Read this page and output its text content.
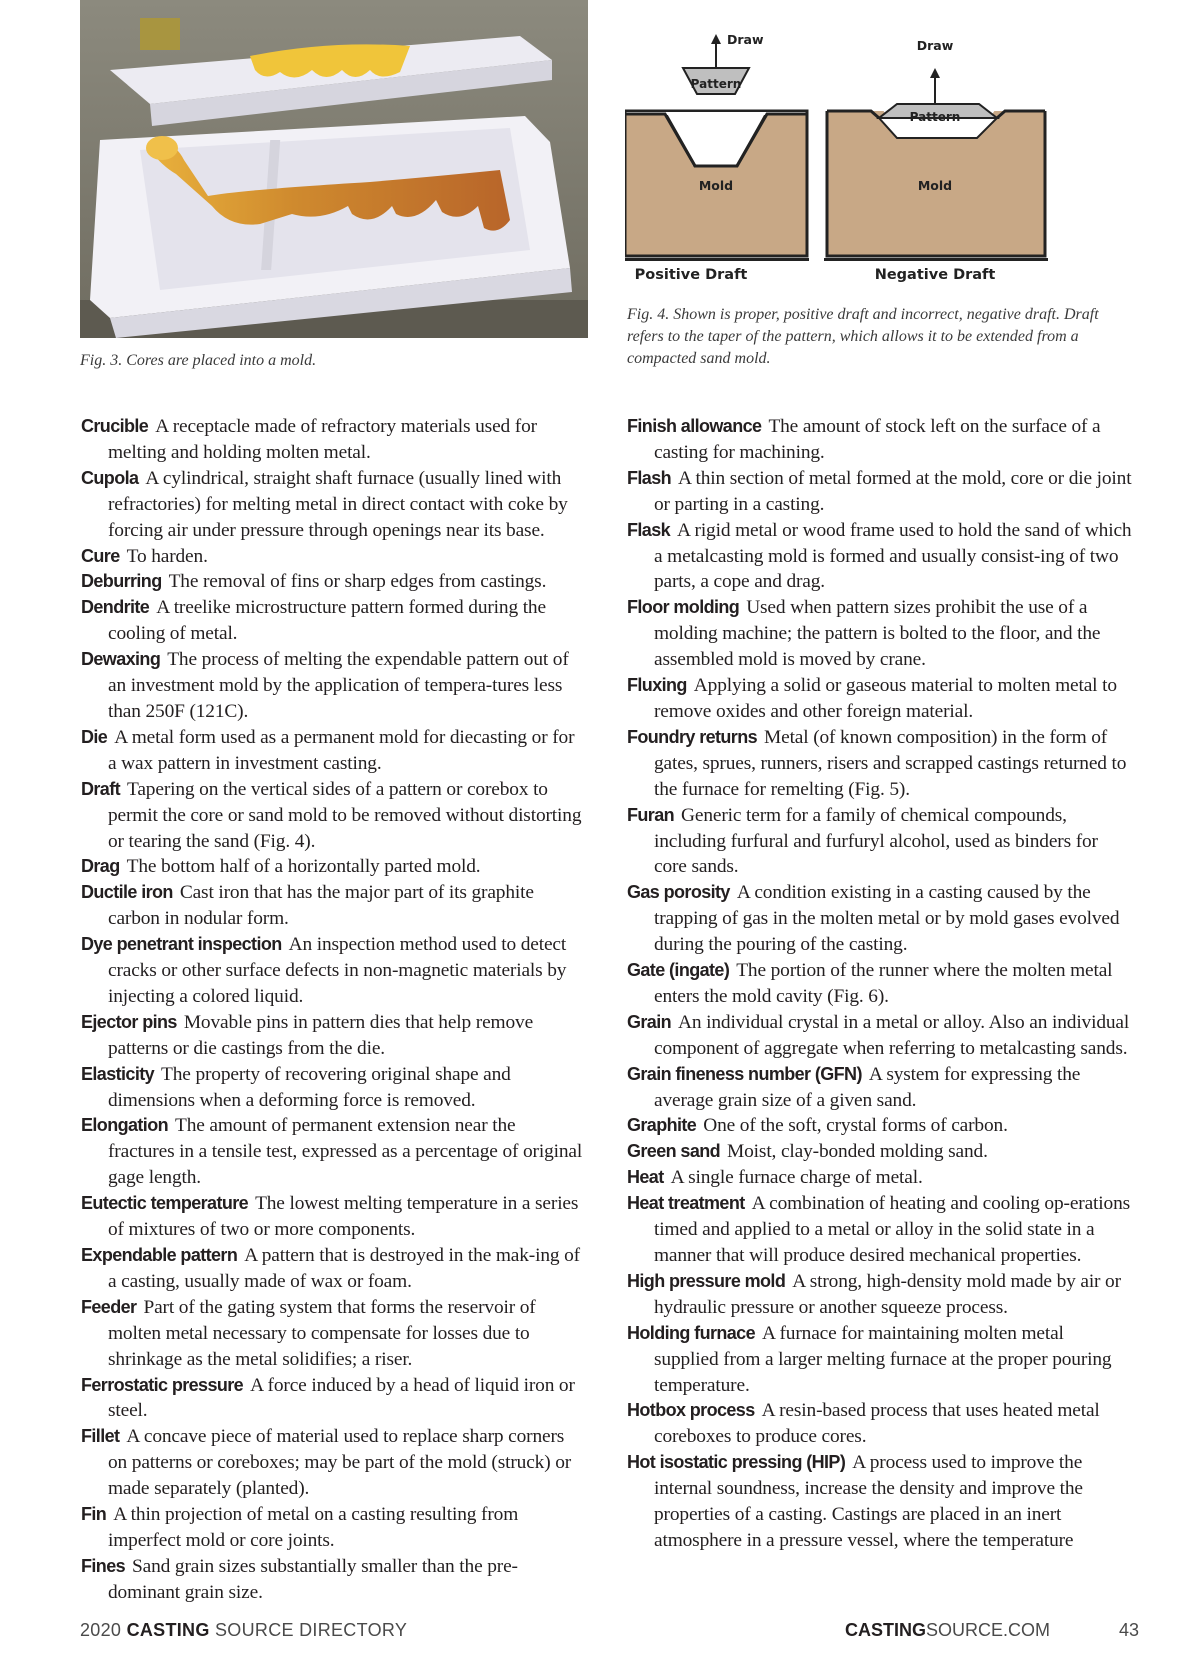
Fig. 3. Cores are placed into a mold.
Draw
Pattern
Mold
Positive Draft
Draw
Pattern
Mold
Negative Draft
Fig. 4. Shown is proper, positive draft and incorrect, negative draft. Draft refers to the taper of the pattern, which allows it to be extended from a compacted sand mold.

Crucible A receptacle made of refractory materials used for melting and holding molten metal.

Cupola A cylindrical, straight shaft furnace (usually lined with refractories) for melting metal in direct contact with coke by forcing air under pressure through openings near its base.

Cure To harden.

Deburring The removal of fins or sharp edges from castings.

Dendrite A treelike microstructure pattern formed during the cooling of metal.

Dewaxing The process of melting the expendable pattern out of an investment mold by the application of tempera-tures less than 250F (121C).

Die A metal form used as a permanent mold for diecasting or for a wax pattern in investment casting.

Draft Tapering on the vertical sides of a pattern or corebox to permit the core or sand mold to be removed without distorting or tearing the sand (Fig. 4).

Drag The bottom half of a horizontally parted mold.

Ductile iron Cast iron that has the major part of its graphite carbon in nodular form.

Dye penetrant inspection An inspection method used to detect cracks or other surface defects in non-magnetic materials by injecting a colored liquid.

Ejector pins Movable pins in pattern dies that help remove patterns or die castings from the die.

Elasticity The property of recovering original shape and dimensions when a deforming force is removed.

Elongation The amount of permanent extension near the fractures in a tensile test, expressed as a percentage of original gage length.

Eutectic temperature The lowest melting temperature in a series of mixtures of two or more components.

Expendable pattern A pattern that is destroyed in the mak-ing of a casting, usually made of wax or foam.

Feeder Part of the gating system that forms the reservoir of molten metal necessary to compensate for losses due to shrinkage as the metal solidifies; a riser.

Ferrostatic pressure A force induced by a head of liquid iron or steel.

Fillet A concave piece of material used to replace sharp corners on patterns or coreboxes; may be part of the mold (struck) or made separately (planted).

Fin A thin projection of metal on a casting resulting from imperfect mold or core joints.

Fines Sand grain sizes substantially smaller than the pre-dominant grain size.

Finish allowance The amount of stock left on the surface of a casting for machining.

Flash A thin section of metal formed at the mold, core or die joint or parting in a casting.

Flask A rigid metal or wood frame used to hold the sand of which a metalcasting mold is formed and usually consist-ing of two parts, a cope and drag.

Floor molding Used when pattern sizes prohibit the use of a molding machine; the pattern is bolted to the floor, and the assembled mold is moved by crane.

Fluxing Applying a solid or gaseous material to molten metal to remove oxides and other foreign material.

Foundry returns Metal (of known composition) in the form of gates, sprues, runners, risers and scrapped castings returned to the furnace for remelting (Fig. 5).

Furan Generic term for a family of chemical compounds, including furfural and furfuryl alcohol, used as binders for core sands.

Gas porosity A condition existing in a casting caused by the trapping of gas in the molten metal or by mold gases evolved during the pouring of the casting.

Gate (ingate) The portion of the runner where the molten metal enters the mold cavity (Fig. 6).

Grain An individual crystal in a metal or alloy. Also an individual component of aggregate when referring to metalcasting sands.

Grain fineness number (GFN) A system for expressing the average grain size of a given sand.

Graphite One of the soft, crystal forms of carbon.

Green sand Moist, clay-bonded molding sand.

Heat A single furnace charge of metal.

Heat treatment A combination of heating and cooling op-erations timed and applied to a metal or alloy in the solid state in a manner that will produce desired mechanical properties.

High pressure mold A strong, high-density mold made by air or hydraulic pressure or another squeeze process.

Holding furnace A furnace for maintaining molten metal supplied from a larger melting furnace at the proper pouring temperature.

Hotbox process A resin-based process that uses heated metal coreboxes to produce cores.

Hot isostatic pressing (HIP) A process used to improve the internal soundness, increase the density and improve the properties of a casting. Castings are placed in an inert atmosphere in a pressure vessel, where the temperature

2020 CASTING SOURCE DIRECTORY	CASTINGSOURCE.COM	43
